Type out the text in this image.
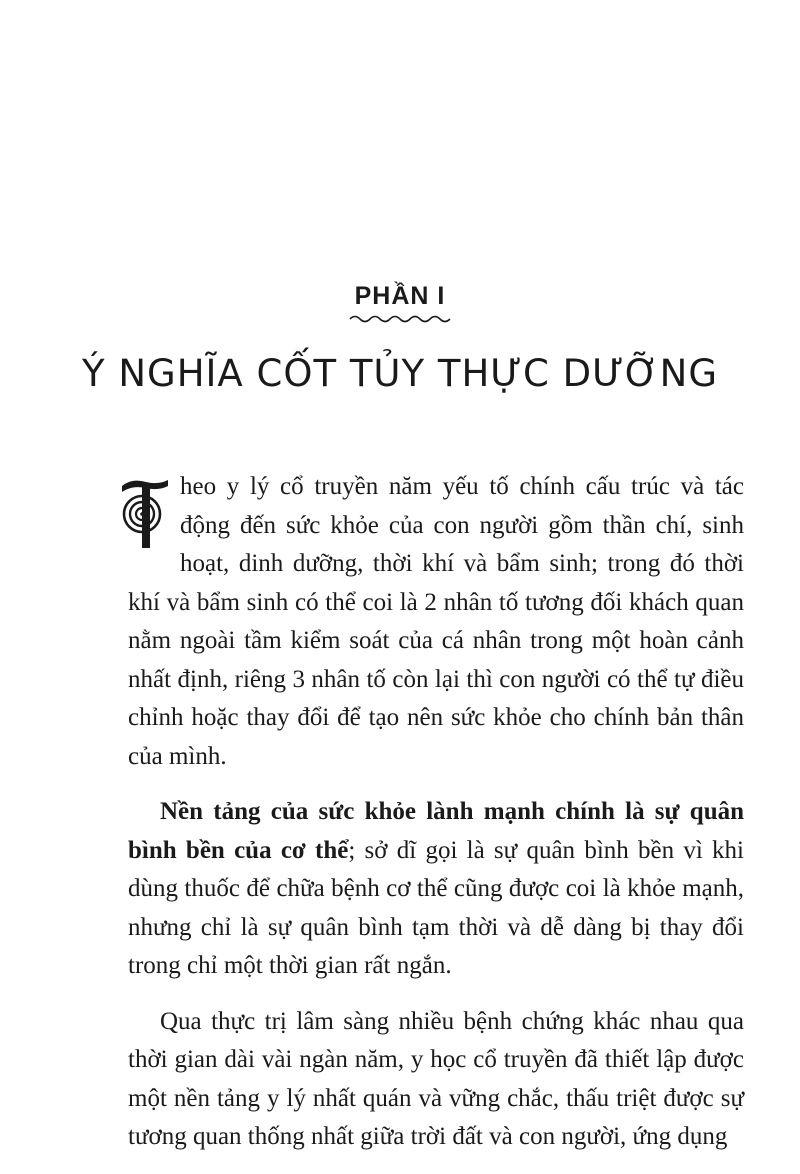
PHẦN I
Ý NGHĨA CỐT TỦY THỰC DƯỠNG

heo y lý cổ truyền năm yếu tố chính cấu trúc và tác động đến sức khỏe của con người gồm thần chí, sinh hoạt, dinh dưỡng, thời khí và bẩm sinh; trong đó thời khí và bẩm sinh có thể coi là 2 nhân tố tương đối khách quan nằm ngoài tầm kiểm soát của cá nhân trong một hoàn cảnh nhất định, riêng 3 nhân tố còn lại thì con người có thể tự điều chỉnh hoặc thay đổi để tạo nên sức khỏe cho chính bản thân của mình.

Nền tảng của sức khỏe lành mạnh chính là sự quân bình bền của cơ thể; sở dĩ gọi là sự quân bình bền vì khi dùng thuốc để chữa bệnh cơ thể cũng được coi là khỏe mạnh, nhưng chỉ là sự quân bình tạm thời và dễ dàng bị thay đổi trong chỉ một thời gian rất ngắn.

Qua thực trị lâm sàng nhiều bệnh chứng khác nhau qua thời gian dài vài ngàn năm, y học cổ truyền đã thiết lập được một nền tảng y lý nhất quán và vững chắc, thấu triệt được sự tương quan thống nhất giữa trời đất và con người, ứng dụng
